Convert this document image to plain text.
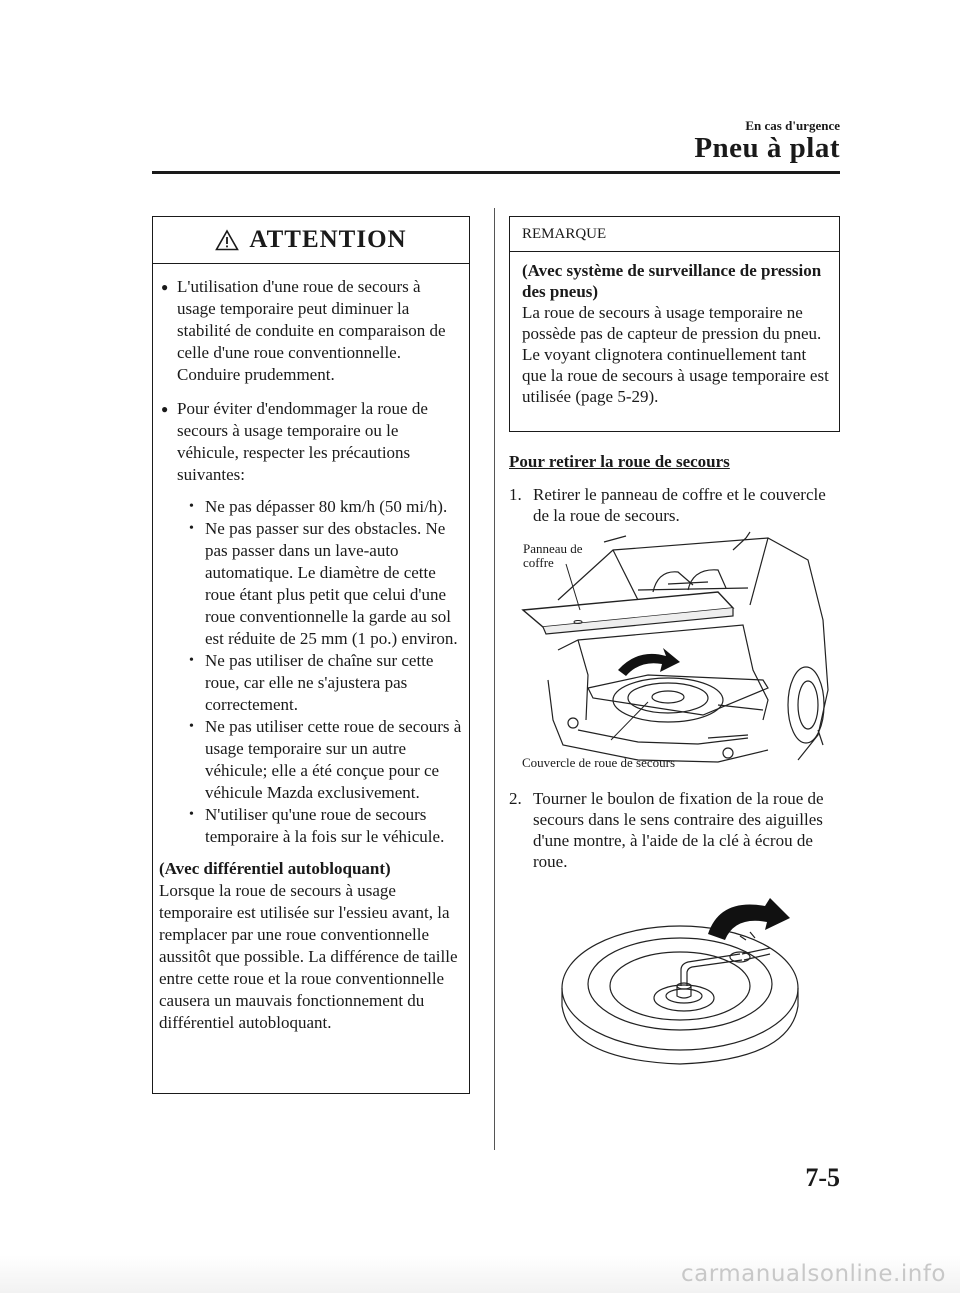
En cas d'urgence
Pneu à plat
ATTENTION
● L'utilisation d'une roue de secours à usage temporaire peut diminuer la stabilité de conduite en comparaison de celle d'une roue conventionnelle. Conduire prudemment.
● Pour éviter d'endommager la roue de secours à usage temporaire ou le véhicule, respecter les précautions suivantes:
• Ne pas dépasser 80 km/h (50 mi/h).
• Ne pas passer sur des obstacles. Ne pas passer dans un lave-auto automatique. Le diamètre de cette roue étant plus petit que celui d'une roue conventionnelle la garde au sol est réduite de 25 mm (1 po.) environ.
• Ne pas utiliser de chaîne sur cette roue, car elle ne s'ajustera pas correctement.
• Ne pas utiliser cette roue de secours à usage temporaire sur un autre véhicule; elle a été conçue pour ce véhicule Mazda exclusivement.
• N'utiliser qu'une roue de secours temporaire à la fois sur le véhicule.
(Avec différentiel autobloquant)
Lorsque la roue de secours à usage temporaire est utilisée sur l'essieu avant, la remplacer par une roue conventionnelle aussitôt que possible. La différence de taille entre cette roue et la roue conventionnelle causera un mauvais fonctionnement du différentiel autobloquant.
REMARQUE
(Avec système de surveillance de pression des pneus)
La roue de secours à usage temporaire ne possède pas de capteur de pression du pneu. Le voyant clignotera continuellement tant que la roue de secours à usage temporaire est utilisée (page 5-29).
Pour retirer la roue de secours
1. Retirer le panneau de coffre et le couvercle de la roue de secours.
Panneau de coffre
Couvercle de roue de secours
2. Tourner le boulon de fixation de la roue de secours dans le sens contraire des aiguilles d'une montre, à l'aide de la clé à écrou de roue.
7-5
carmanualsonline.info
